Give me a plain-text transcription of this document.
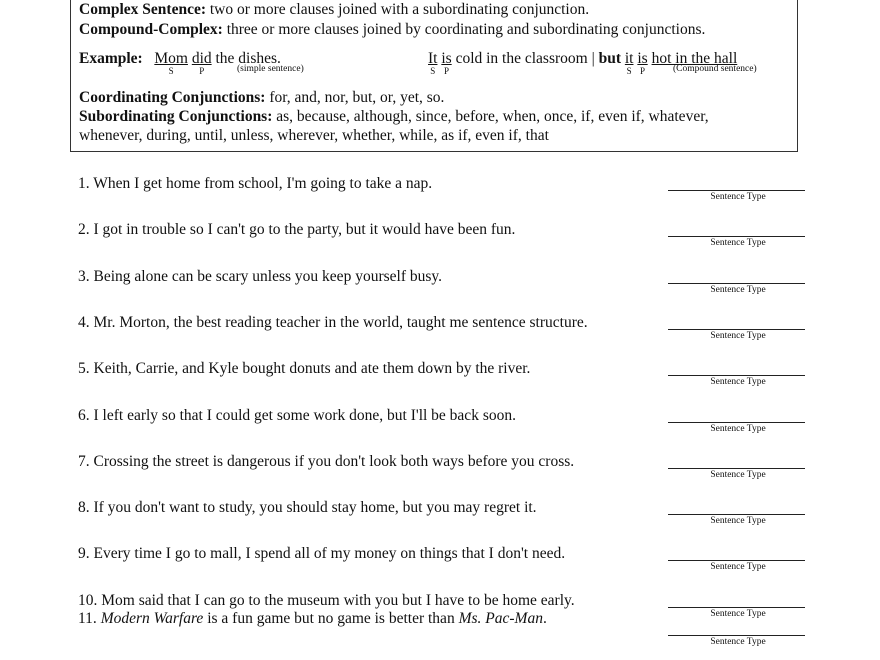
Complex Sentence: two or more clauses joined with a subordinating conjunction.
Compound-Complex: three or more clauses joined by coordinating and subordinating conjunctions.
Example: Mom
S
did
P
the dishes.
(simple sentence)
It
S
is
P
cold in the classroom | but it
S
is
P
hot in the hall
(Compound sentence)
Coordinating Conjunctions: for, and, nor, but, or, yet, so.
Subordinating Conjunctions: as, because, although, since, before, when, once, if, even if, whatever,
whenever, during, until, unless, wherever, whether, while, as if, even if, that
1. When I get home from school, I'm going to take a nap.
Sentence Type
2. I got in trouble so I can't go to the party, but it would have been fun.
Sentence Type
3. Being alone can be scary unless you keep yourself busy.
Sentence Type
4. Mr. Morton, the best reading teacher in the world, taught me sentence structure.
Sentence Type
5. Keith, Carrie, and Kyle bought donuts and ate them down by the river.
Sentence Type
6. I left early so that I could get some work done, but I'll be back soon.
Sentence Type
7. Crossing the street is dangerous if you don't look both ways before you cross.
Sentence Type
8. If you don't want to study, you should stay home, but you may regret it.
Sentence Type
9. Every time I go to mall, I spend all of my money on things that I don't need.
Sentence Type
10. Mom said that I can go to the museum with you but I have to be home early.
Sentence Type
11. Modern Warfare is a fun game but no game is better than Ms. Pac-Man.
Sentence Type
